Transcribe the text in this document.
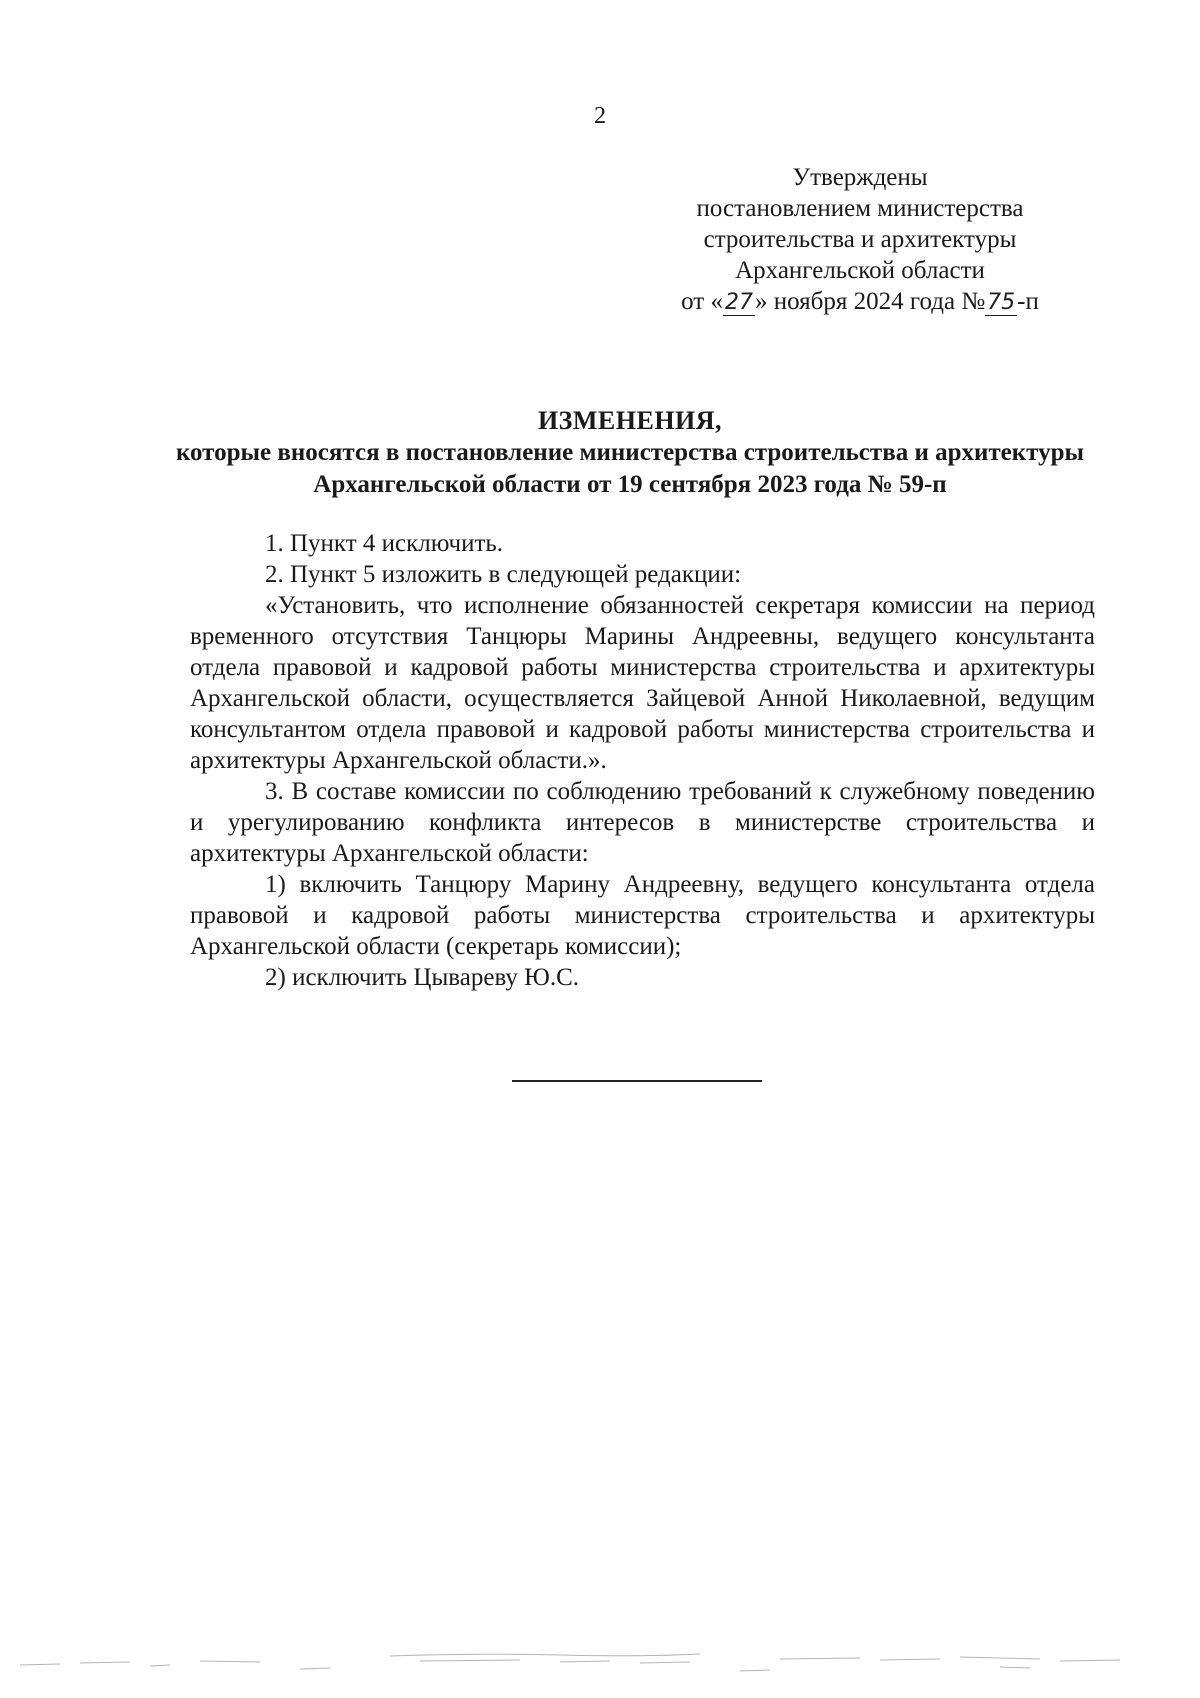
2
Утверждены
постановлением министерства
строительства и архитектуры
Архангельской области
от «27» ноября 2024 года №75-п
ИЗМЕНЕНИЯ,
которые вносятся в постановление министерства строительства и архитектуры Архангельской области от 19 сентября 2023 года № 59-п

1. Пункт 4 исключить.

2. Пункт 5 изложить в следующей редакции:

«Установить, что исполнение обязанностей секретаря комиссии на период временного отсутствия Танцюры Марины Андреевны, ведущего консультанта отдела правовой и кадровой работы министерства строительства и архитектуры Архангельской области, осуществляется Зайцевой Анной Николаевной, ведущим консультантом отдела правовой и кадровой работы министерства строительства и архитектуры Архангельской области.».

3. В составе комиссии по соблюдению требований к служебному поведению и урегулированию конфликта интересов в министерстве строительства и архитектуры Архангельской области:

1) включить Танцюру Марину Андреевну, ведущего консультанта отдела правовой и кадровой работы министерства строительства и архитектуры Архангельской области (секретарь комиссии);

2) исключить Цывареву Ю.С.
